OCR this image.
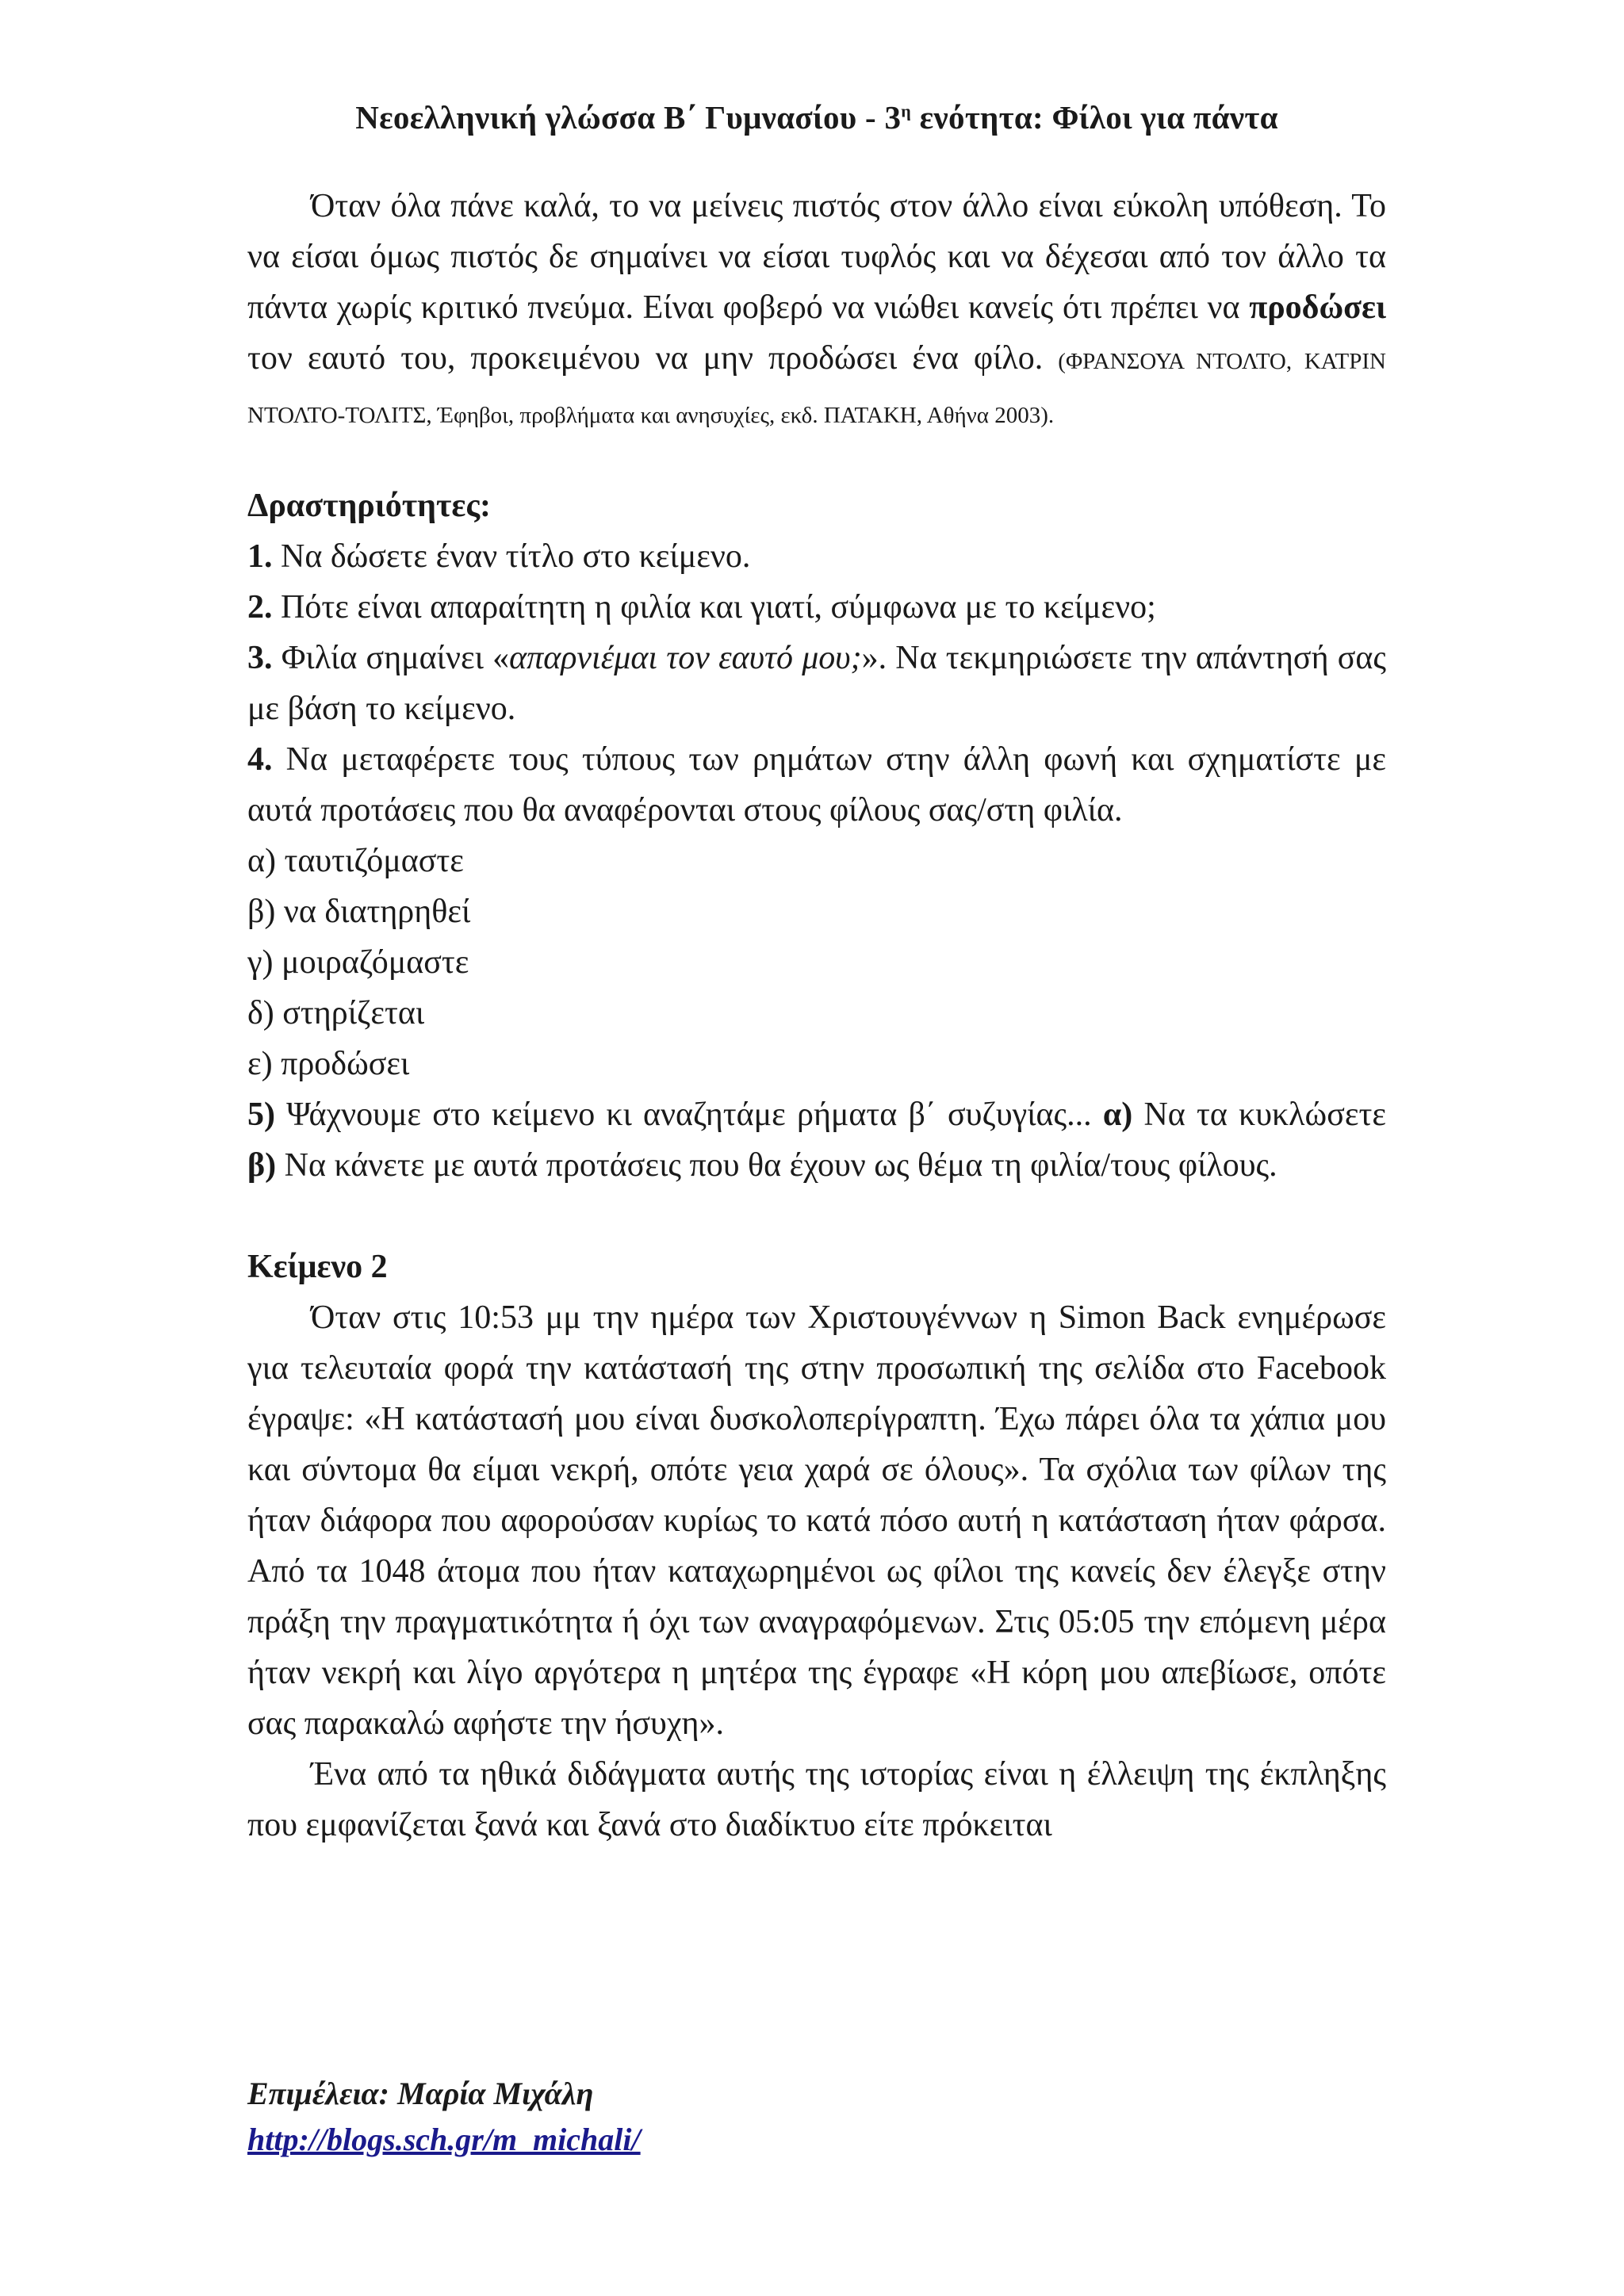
Νεοελληνική γλώσσα Β΄ Γυμνασίου - $3^\eta$ ενότητα: Φίλοι για πάντα

Όταν όλα πάνε καλά, το να μείνεις πιστός στον άλλο είναι εύκολη υπόθεση. Το να είσαι όμως πιστός δε σημαίνει να είσαι τυφλός και να δέχεσαι από τον άλλο τα πάντα χωρίς κριτικό πνεύμα. Είναι φοβερό να νιώθει κανείς ότι πρέπει να προδώσει τον εαυτό του, προκειμένου να μην προδώσει ένα φίλο. (ΦΡΑΝΣΟΥΑ ΝΤΟΛΤΟ, ΚΑΤΡΙΝ ΝΤΟΛΤΟ-ΤΟΛΙΤΣ, Έφηβοι, προβλήματα και ανησυχίες, εκδ. ΠΑΤΑΚΗ, Αθήνα 2003).

Δραστηριότητες:

1. Να δώσετε έναν τίτλο στο κείμενο.

2. Πότε είναι απαραίτητη η φιλία και γιατί, σύμφωνα με το κείμενο;

3. Φιλία σημαίνει «απαρνιέμαι τον εαυτό μου;». Να τεκμηριώσετε την απάντησή σας με βάση το κείμενο.

4. Να μεταφέρετε τους τύπους των ρημάτων στην άλλη φωνή και σχηματίστε με αυτά προτάσεις που θα αναφέρονται στους φίλους σας/στη φιλία.

α) ταυτιζόμαστε

β) να διατηρηθεί

γ) μοιραζόμαστε

δ) στηρίζεται

ε) προδώσει

5) Ψάχνουμε στο κείμενο κι αναζητάμε ρήματα β΄ συζυγίας... α) Να τα κυκλώσετε β) Να κάνετε με αυτά προτάσεις που θα έχουν ως θέμα τη φιλία/τους φίλους.

Κείμενο 2

Όταν στις 10:53 μμ την ημέρα των Χριστουγέννων η Simon Back ενημέρωσε για τελευταία φορά την κατάστασή της στην προσωπική της σελίδα στο Facebook έγραψε: «Η κατάστασή μου είναι δυσκολοπερίγραπτη. Έχω πάρει όλα τα χάπια μου και σύντομα θα είμαι νεκρή, οπότε γεια χαρά σε όλους». Τα σχόλια των φίλων της ήταν διάφορα που αφορούσαν κυρίως το κατά πόσο αυτή η κατάσταση ήταν φάρσα. Από τα 1048 άτομα που ήταν καταχωρημένοι ως φίλοι της κανείς δεν έλεγξε στην πράξη την πραγματικότητα ή όχι των αναγραφόμενων. Στις 05:05 την επόμενη μέρα ήταν νεκρή και λίγο αργότερα η μητέρα της έγραφε «Η κόρη μου απεβίωσε, οπότε σας παρακαλώ αφήστε την ήσυχη».

Ένα από τα ηθικά διδάγματα αυτής της ιστορίας είναι η έλλειψη της έκπληξης που εμφανίζεται ξανά και ξανά στο διαδίκτυο είτε πρόκειται

Επιμέλεια: Μαρία Μιχάλη
http://blogs.sch.gr/m_michali/
